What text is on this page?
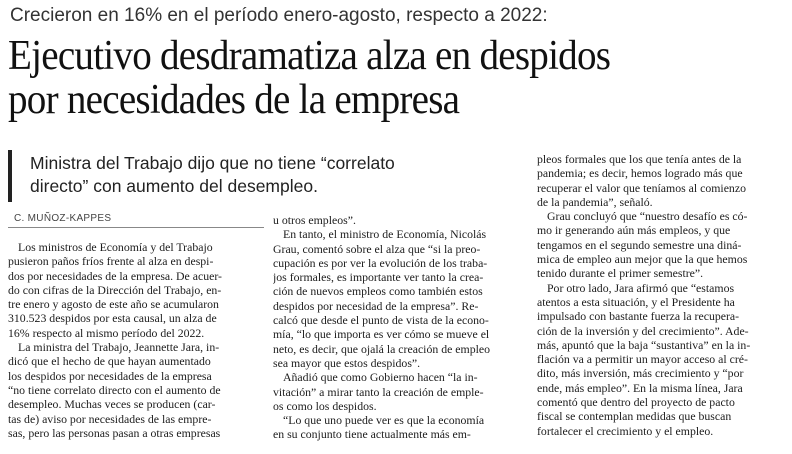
Crecieron en 16% en el período enero-agosto, respecto a 2022:
Ejecutivo desdramatiza alza en despidos
por necesidades de la empresa
Ministra del Trabajo dijo que no tiene “correlato
directo” con aumento del desempleo.
C. MUÑOZ-KAPPES
Los ministros de Economía y del Trabajo
pusieron paños fríos frente al alza en despi-
dos por necesidades de la empresa. De acuer-
do con cifras de la Dirección del Trabajo, en-
tre enero y agosto de este año se acumularon
310.523 despidos por esta causal, un alza de
16% respecto al mismo período del 2022.
La ministra del Trabajo, Jeannette Jara, in-
dicó que el hecho de que hayan aumentado
los despidos por necesidades de la empresa
“no tiene correlato directo con el aumento de
desempleo. Muchas veces se producen (car-
tas de) aviso por necesidades de las empre-
sas, pero las personas pasan a otras empresas
u otros empleos”.
En tanto, el ministro de Economía, Nicolás
Grau, comentó sobre el alza que “si la preo-
cupación es por ver la evolución de los traba-
jos formales, es importante ver tanto la crea-
ción de nuevos empleos como también estos
despidos por necesidad de la empresa”. Re-
calcó que desde el punto de vista de la econo-
mía, “lo que importa es ver cómo se mueve el
neto, es decir, que ojalá la creación de empleo
sea mayor que estos despidos”.
Añadió que como Gobierno hacen “la in-
vitación” a mirar tanto la creación de emple-
os como los despidos.
“Lo que uno puede ver es que la economía
en su conjunto tiene actualmente más em-
pleos formales que los que tenía antes de la
pandemia; es decir, hemos logrado más que
recuperar el valor que teníamos al comienzo
de la pandemia”, señaló.
Grau concluyó que “nuestro desafío es có-
mo ir generando aún más empleos, y que
tengamos en el segundo semestre una diná-
mica de empleo aun mejor que la que hemos
tenido durante el primer semestre”.
Por otro lado, Jara afirmó que “estamos
atentos a esta situación, y el Presidente ha
impulsado con bastante fuerza la recupera-
ción de la inversión y del crecimiento”. Ade-
más, apuntó que la baja “sustantiva” en la in-
flación va a permitir un mayor acceso al cré-
dito, más inversión, más crecimiento y “por
ende, más empleo”. En la misma línea, Jara
comentó que dentro del proyecto de pacto
fiscal se contemplan medidas que buscan
fortalecer el crecimiento y el empleo.
